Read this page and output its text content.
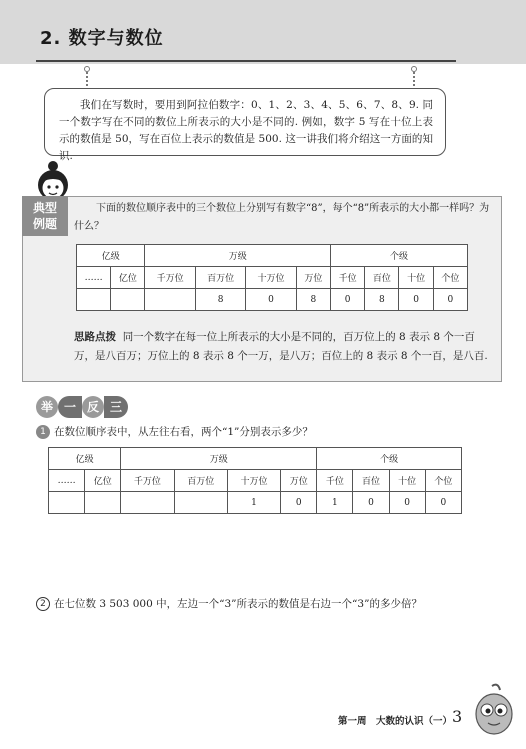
2. 数字与数位

我们在写数时，要用到阿拉伯数字：0、1、2、3、4、5、6、7、8、9. 同一个数字写在不同的数位上所表示的大小是不同的. 例如，数字 5 写在十位上表示的数值是 50，写在百位上表示的数值是 500. 这一讲我们将介绍这一方面的知识.

典型
例题
下面的数位顺序表中的三个数位上分别写有数字“8”，每个“8”所表示的大小都一样吗？为什么？
亿级		万级				个级			
……	亿位	千万位	百万位	十万位	万位	千位	百位	十位	个位
			8	0	8	0	8	0	0
思路点拨 同一个数字在每一位上所表示的大小是不同的，百万位上的 8 表示 8 个一百万，是八百万；万位上的 8 表示 8 个一万，是八万；百位上的 8 表示 8 个一百，是八百.
举 一 反 三
1 在数位顺序表中，从左往右看，两个“1”分别表示多少？
亿级		万级				个级			
……	亿位	千万位	百万位	十万位	万位	千位	百位	十位	个位
				1	0	1	0	0	0
2 在七位数 3 503 000 中，左边一个“3”所表示的数值是右边一个“3”的多少倍？
第一周　大数的认识（一） 3
